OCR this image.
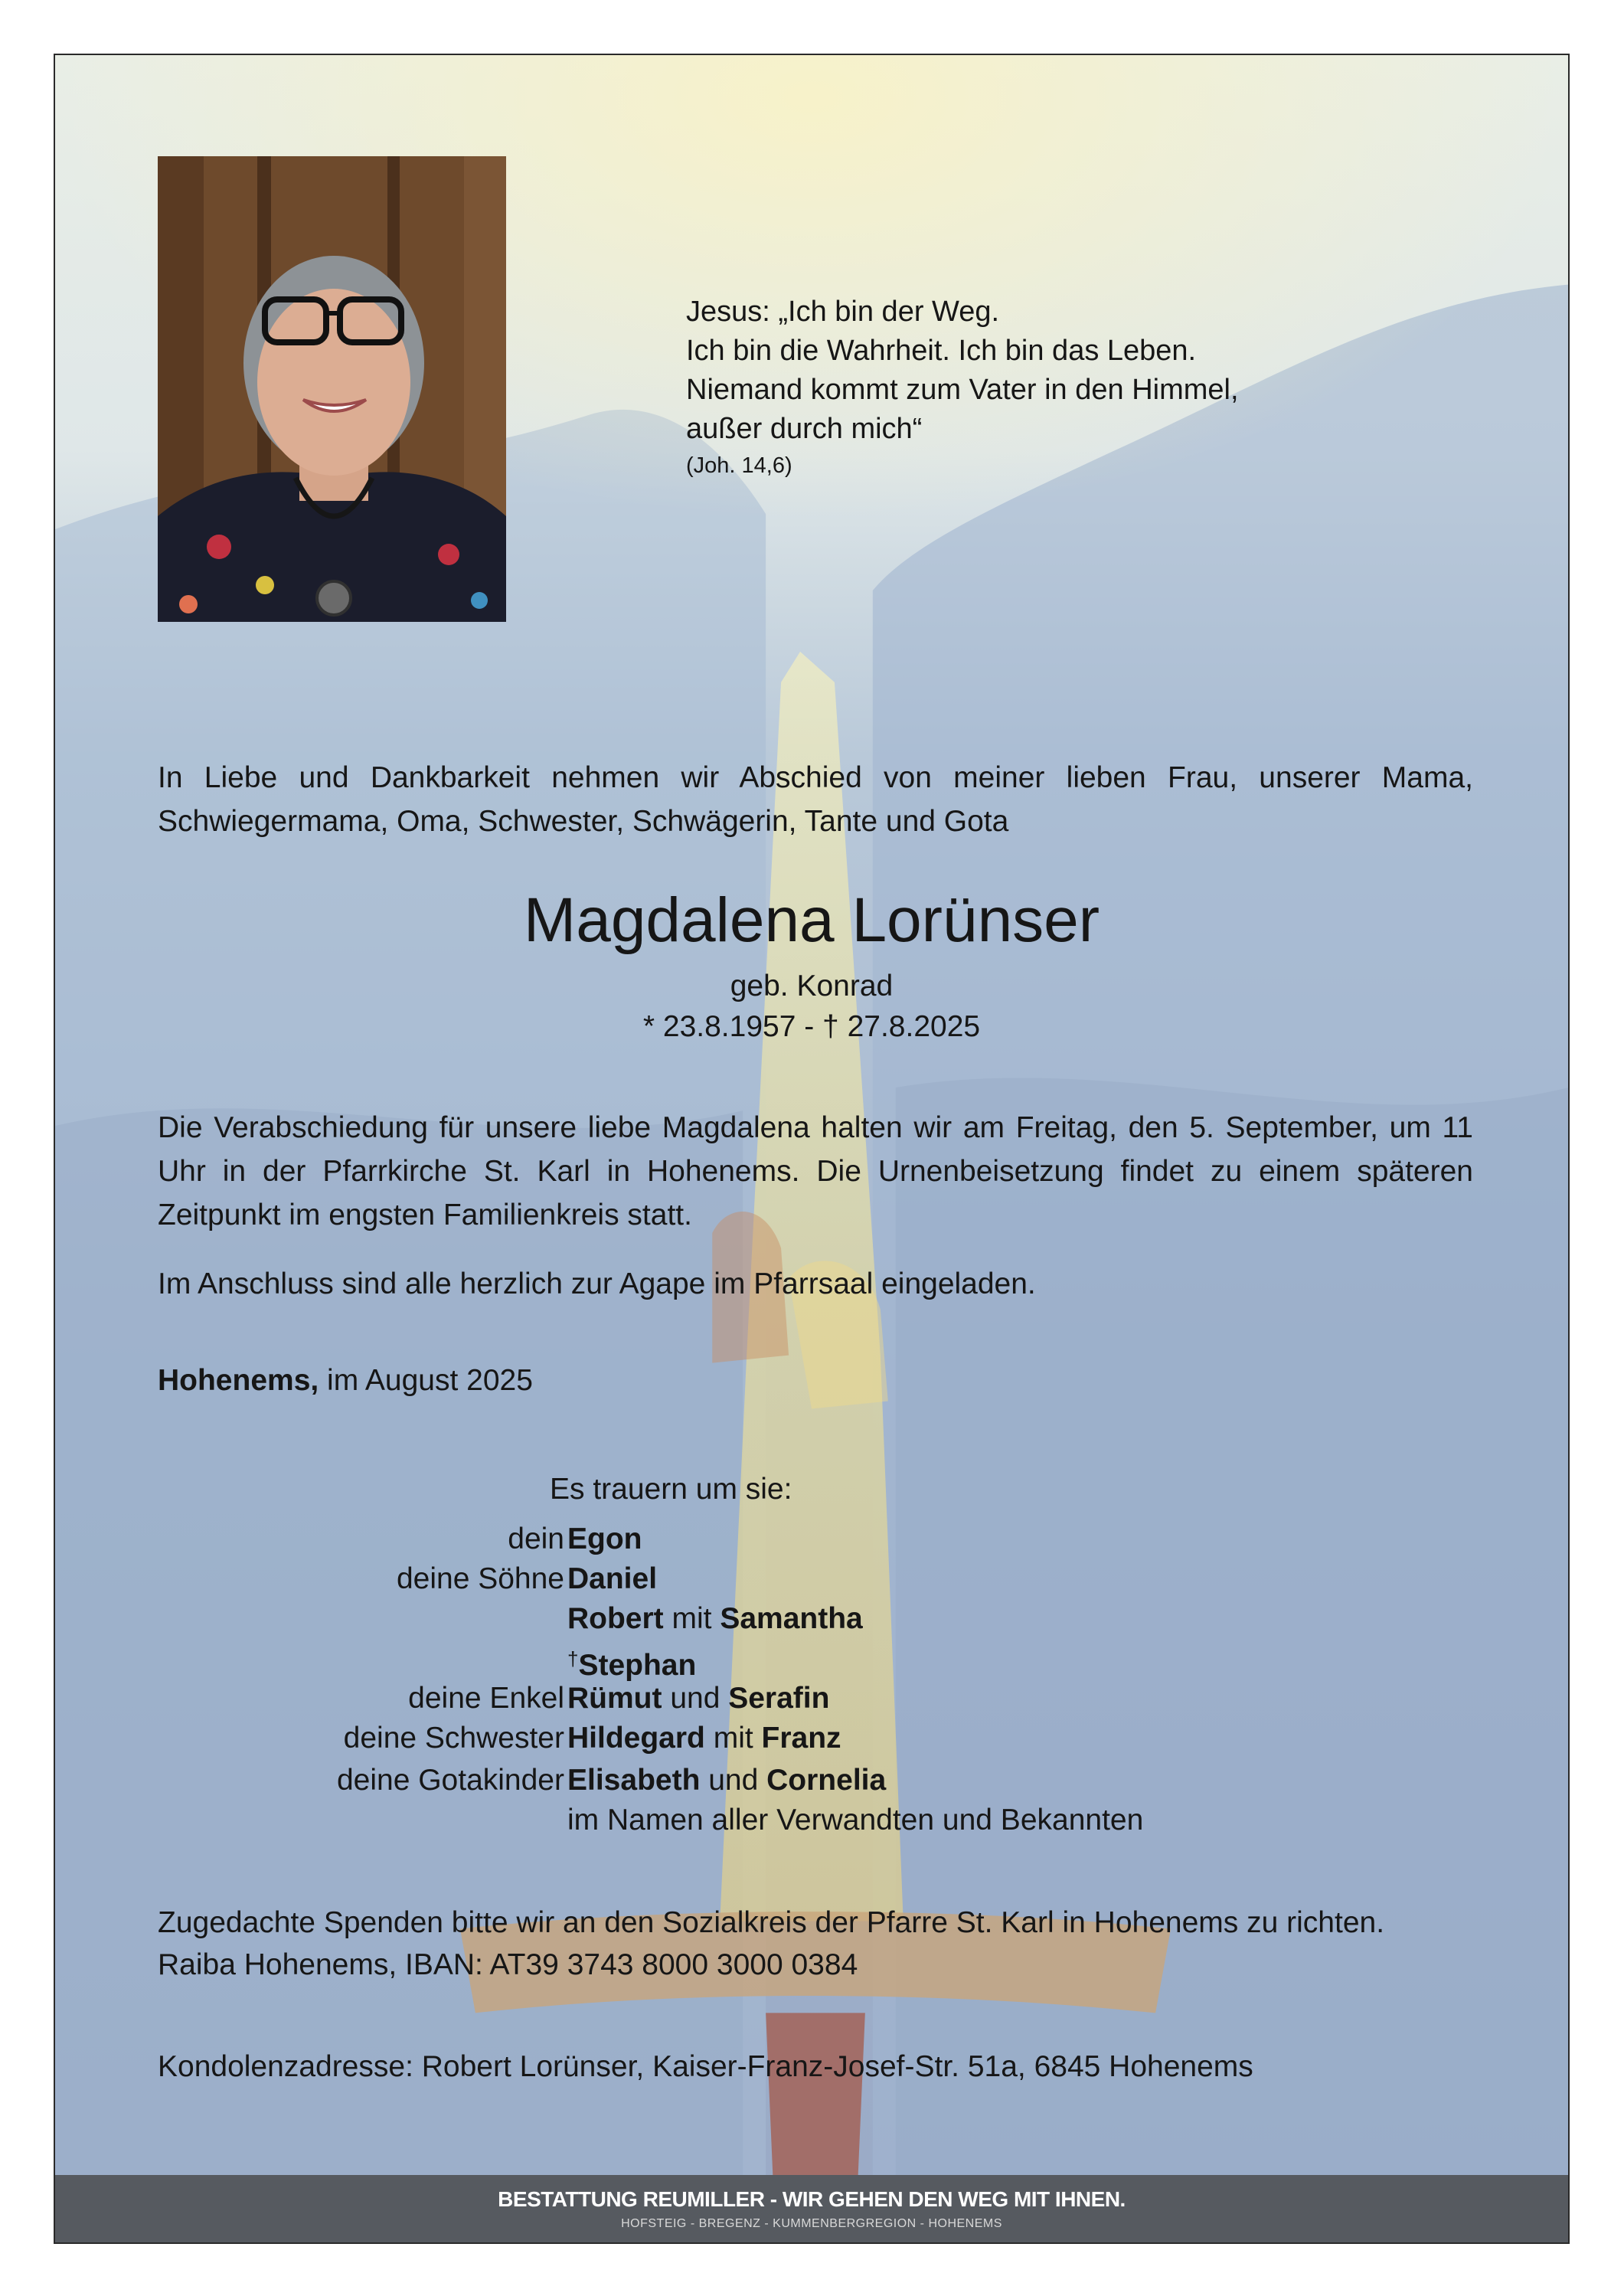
Jesus: „Ich bin der Weg.
Ich bin die Wahrheit. Ich bin das Leben.
Niemand kommt zum Vater in den Himmel,
außer durch mich“
(Joh. 14,6)
In Liebe und Dankbarkeit nehmen wir Abschied von meiner lieben Frau, unserer Mama, Schwiegermama, Oma, Schwester, Schwägerin, Tante und Gota
Magdalena Lorünser
geb. Konrad
* 23.8.1957 - † 27.8.2025
Die Verabschiedung für unsere liebe Magdalena halten wir am Freitag, den 5. September, um 11 Uhr in der Pfarrkirche St. Karl in Hohenems. Die Urnenbeisetzung findet zu einem späteren Zeitpunkt im engsten Familienkreis statt.
Im Anschluss sind alle herzlich zur Agape im Pfarrsaal eingeladen.
Hohenems, im August 2025
Es trauern um sie:
dein Egon
deine Söhne Daniel
Robert mit Samantha
†Stephan
deine Enkel Rümut und Serafin
deine Schwester Hildegard mit Franz
deine Gotakinder Elisabeth und Cornelia
im Namen aller Verwandten und Bekannten
Zugedachte Spenden bitte wir an den Sozialkreis der Pfarre St. Karl in Hohenems zu richten.
Raiba Hohenems, IBAN: AT39 3743 8000 3000 0384
Kondolenzadresse: Robert Lorünser, Kaiser-Franz-Josef-Str. 51a, 6845 Hohenems
BESTATTUNG REUMILLER - WIR GEHEN DEN WEG MIT IHNEN.
HOFSTEIG - BREGENZ - KUMMENBERGREGION - HOHENEMS
